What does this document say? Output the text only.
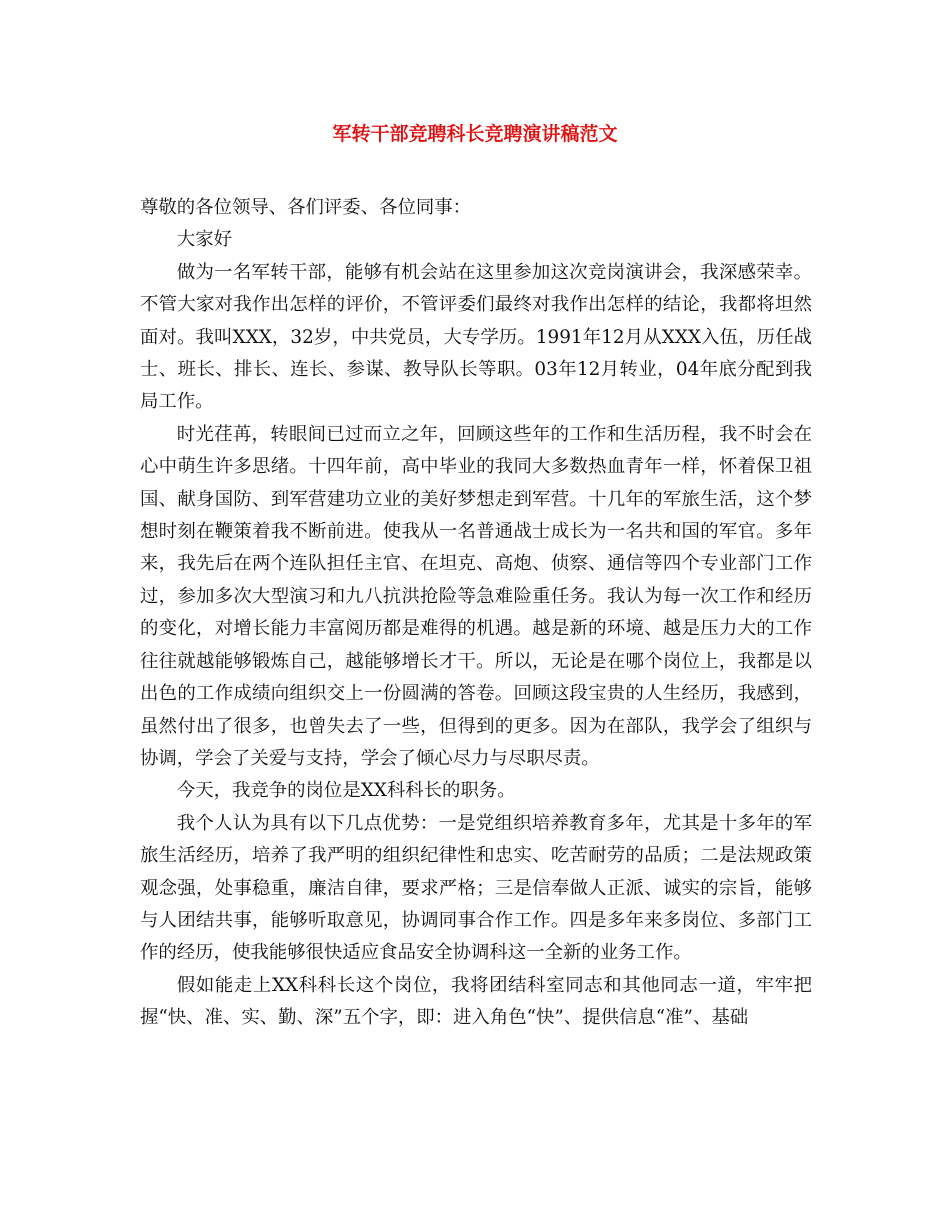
军转干部竞聘科长竞聘演讲稿范文

尊敬的各位领导、各们评委、各位同事：

大家好

做为一名军转干部，能够有机会站在这里参加这次竞岗演讲会，我深感荣幸。不管大家对我作出怎样的评价，不管评委们最终对我作出怎样的结论，我都将坦然面对。我叫XXX，32岁，中共党员，大专学历。1991年12月从XXX入伍，历任战士、班长、排长、连长、参谋、教导队长等职。03年12月转业，04年底分配到我局工作。

时光荏苒，转眼间已过而立之年，回顾这些年的工作和生活历程，我不时会在心中萌生许多思绪。十四年前，高中毕业的我同大多数热血青年一样，怀着保卫祖国、献身国防、到军营建功立业的美好梦想走到军营。十几年的军旅生活，这个梦想时刻在鞭策着我不断前进。使我从一名普通战士成长为一名共和国的军官。多年来，我先后在两个连队担任主官、在坦克、高炮、侦察、通信等四个专业部门工作过，参加多次大型演习和九八抗洪抢险等急难险重任务。我认为每一次工作和经历的变化，对增长能力丰富阅历都是难得的机遇。越是新的环境、越是压力大的工作往往就越能够锻炼自己，越能够增长才干。所以，无论是在哪个岗位上，我都是以出色的工作成绩向组织交上一份圆满的答卷。回顾这段宝贵的人生经历，我感到，虽然付出了很多，也曾失去了一些，但得到的更多。因为在部队，我学会了组织与协调，学会了关爱与支持，学会了倾心尽力与尽职尽责。

今天，我竞争的岗位是XX科科长的职务。

我个人认为具有以下几点优势：一是党组织培养教育多年，尤其是十多年的军旅生活经历，培养了我严明的组织纪律性和忠实、吃苦耐劳的品质；二是法规政策观念强，处事稳重，廉洁自律，要求严格；三是信奉做人正派、诚实的宗旨，能够与人团结共事，能够听取意见，协调同事合作工作。四是多年来多岗位、多部门工作的经历，使我能够很快适应食品安全协调科这一全新的业务工作。

假如能走上XX科科长这个岗位，我将团结科室同志和其他同志一道，牢牢把握“快、准、实、勤、深”五个字，即：进入角色“快”、提供信息“准”、基础
